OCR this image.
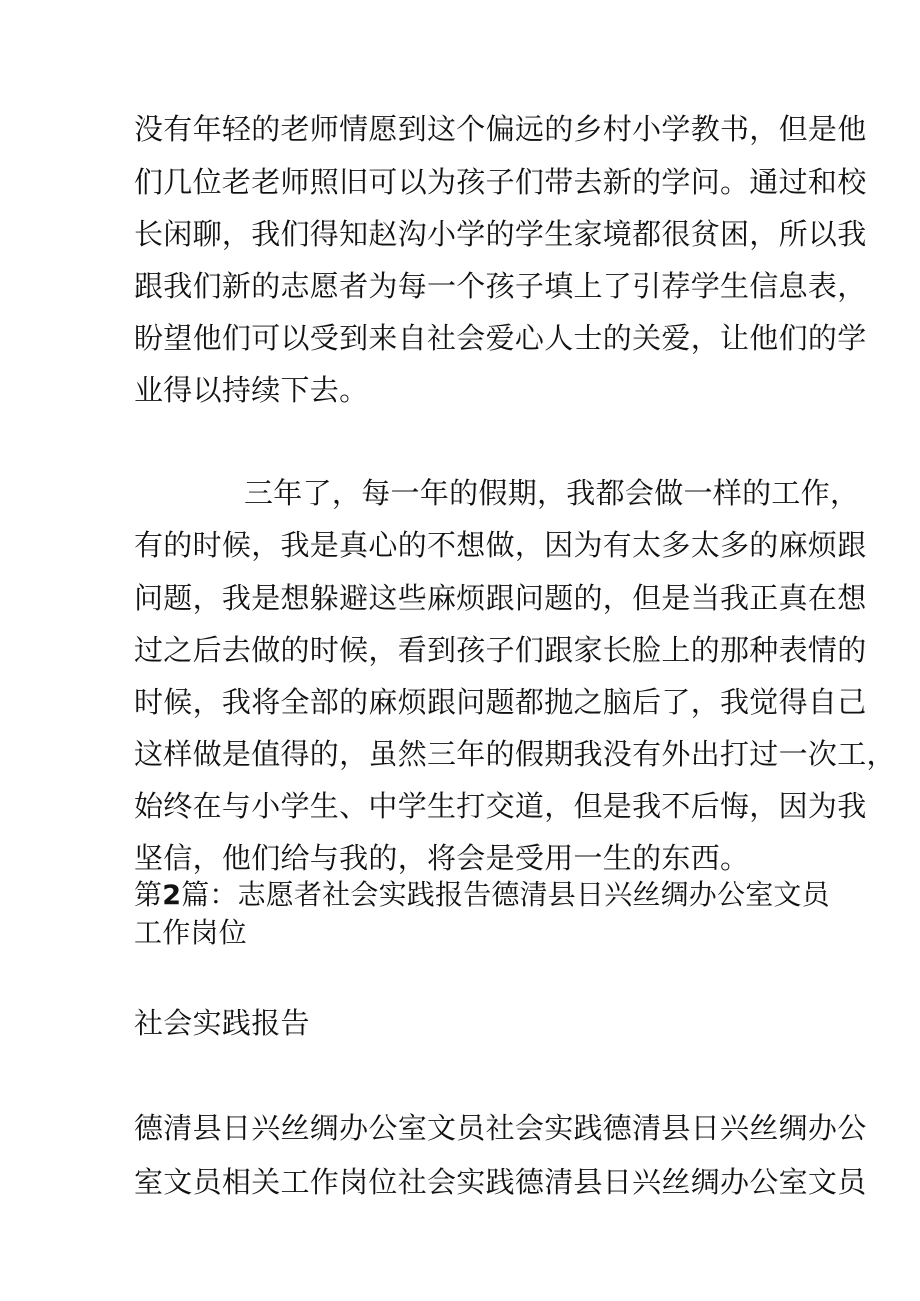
没有年轻的老师情愿到这个偏远的乡村小学教书，但是他
们几位老老师照旧可以为孩子们带去新的学问。通过和校
长闲聊，我们得知赵沟小学的学生家境都很贫困，所以我
跟我们新的志愿者为每一个孩子填上了引荐学生信息表，
盼望他们可以受到来自社会爱心人士的关爱，让他们的学
业得以持续下去。
三年了，每一年的假期，我都会做一样的工作，
有的时候，我是真心的不想做，因为有太多太多的麻烦跟
问题，我是想躲避这些麻烦跟问题的，但是当我正真在想
过之后去做的时候，看到孩子们跟家长脸上的那种表情的
时候，我将全部的麻烦跟问题都抛之脑后了，我觉得自己
这样做是值得的，虽然三年的假期我没有外出打过一次工，
始终在与小学生、中学生打交道，但是我不后悔，因为我
坚信，他们给与我的，将会是受用一生的东西。
第2篇：志愿者社会实践报告德清县日兴丝绸办公室文员
工作岗位
社会实践报告
德清县日兴丝绸办公室文员社会实践德清县日兴丝绸办公
室文员相关工作岗位社会实践德清县日兴丝绸办公室文员
